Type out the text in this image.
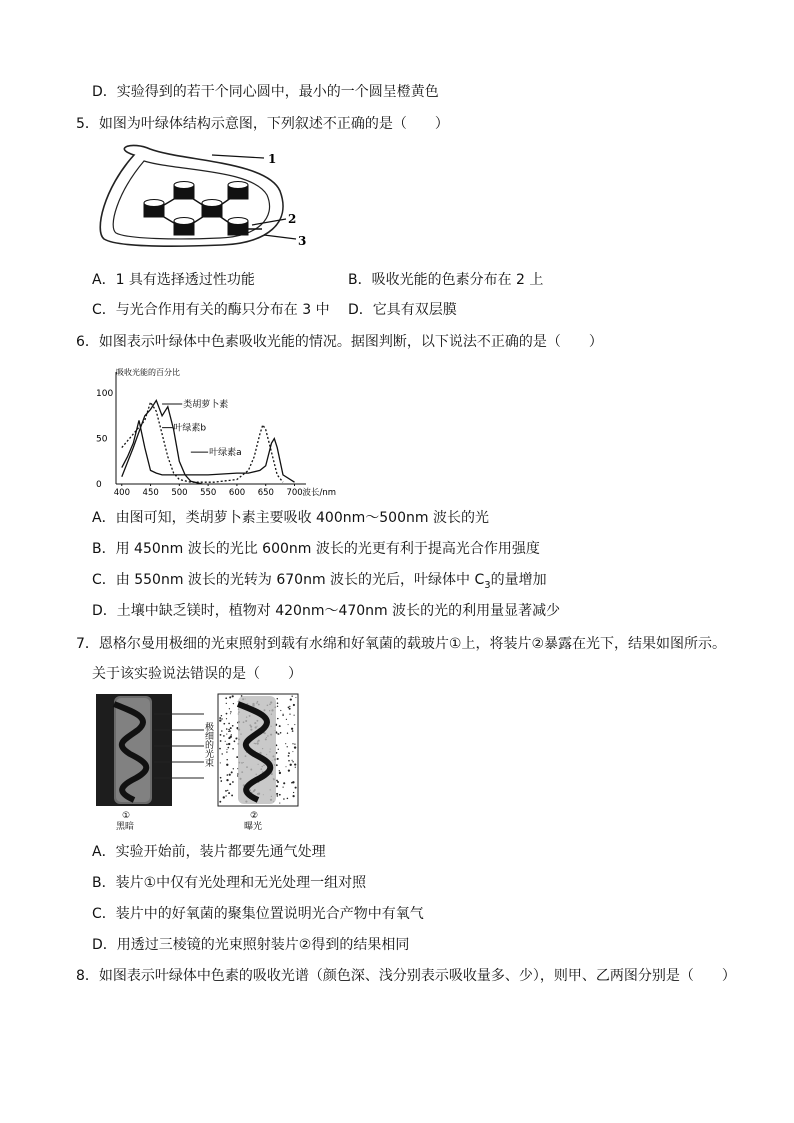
D．实验得到的若干个同心圆中，最小的一个圆呈橙黄色
5．如图为叶绿体结构示意图，下列叙述不正确的是（　　）
1
2
3
A．1 具有选择透过性功能	B．吸收光能的色素分布在 2 上
C．与光合作用有关的酶只分布在 3 中 D．它具有双层膜
6．如图表示叶绿体中色素吸收光能的情况。据图判断，以下说法不正确的是（　　）
吸收光能的百分比
100
50
0
400 450 500 550 600 650 700 波长/nm
类胡萝卜素
叶绿素b
叶绿素a
A．由图可知，类胡萝卜素主要吸收 400nm～500nm 波长的光
B．用 450nm 波长的光比 600nm 波长的光更有利于提高光合作用强度
C．由 550nm 波长的光转为 670nm 波长的光后，叶绿体中 $C_3$的量增加
D．土壤中缺乏镁时，植物对 420nm～470nm 波长的光的利用量显著减少
7．恩格尔曼用极细的光束照射到载有水绵和好氧菌的载玻片①上，将装片②暴露在光下，结果如图所示。
关于该实验说法错误的是（　　）
极细的光束
①
黑暗
②
曝光
A．实验开始前，装片都要先通气处理
B．装片①中仅有光处理和无光处理一组对照
C．装片中的好氧菌的聚集位置说明光合产物中有氧气
D．用透过三棱镜的光束照射装片②得到的结果相同
8．如图表示叶绿体中色素的吸收光谱（颜色深、浅分别表示吸收量多、少），则甲、乙两图分别是（　　）
